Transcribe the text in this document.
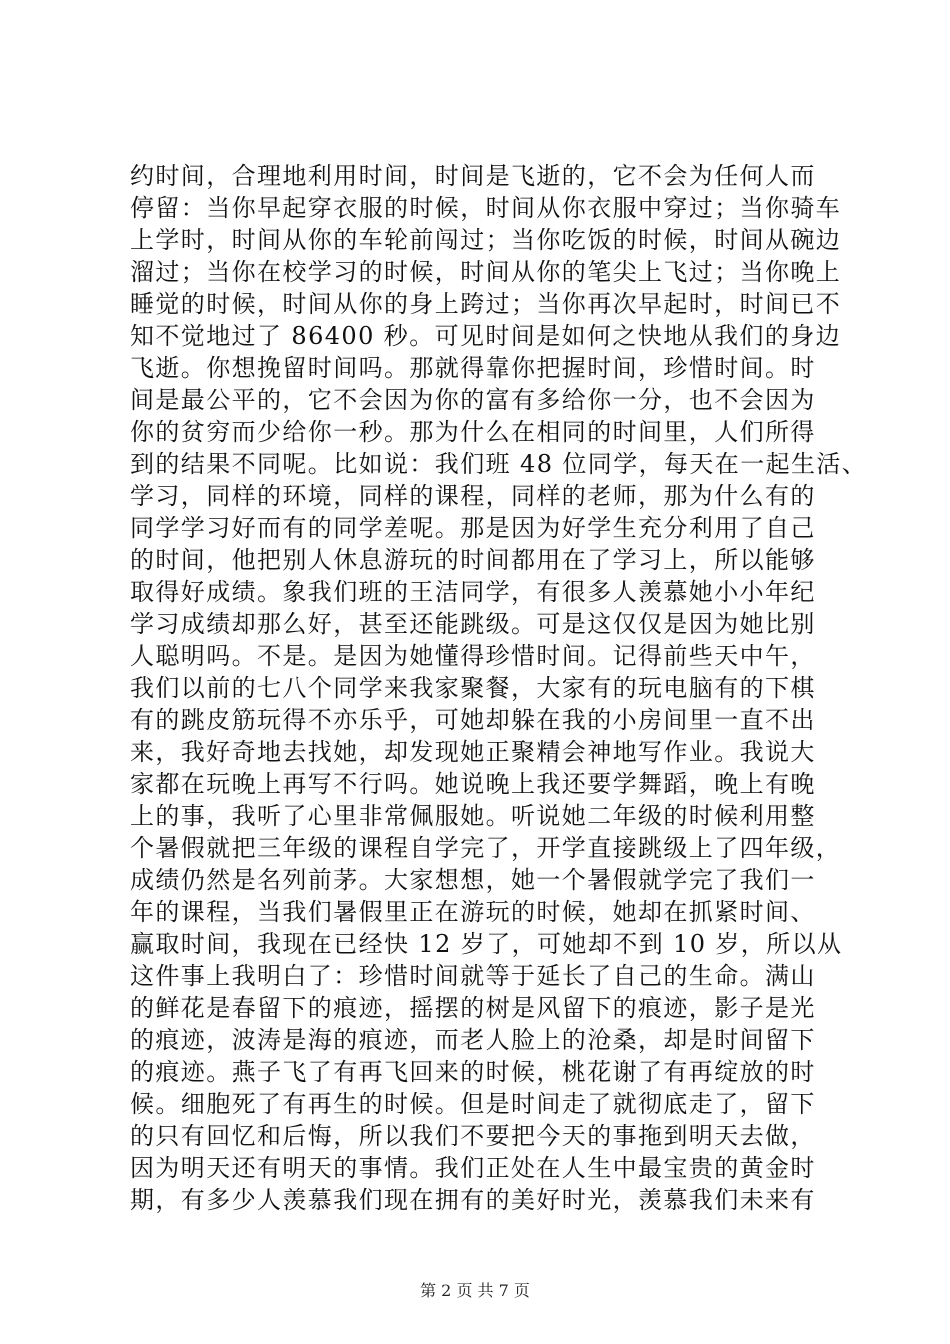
约时间，合理地利用时间，时间是飞逝的，它不会为任何人而
停留：当你早起穿衣服的时候，时间从你衣服中穿过；当你骑车
上学时，时间从你的车轮前闯过；当你吃饭的时候，时间从碗边
溜过；当你在校学习的时候，时间从你的笔尖上飞过；当你晚上
睡觉的时候，时间从你的身上跨过；当你再次早起时，时间已不
知不觉地过了 86400 秒。可见时间是如何之快地从我们的身边
飞逝。你想挽留时间吗。那就得靠你把握时间，珍惜时间。时
间是最公平的，它不会因为你的富有多给你一分，也不会因为
你的贫穷而少给你一秒。那为什么在相同的时间里，人们所得
到的结果不同呢。比如说：我们班 48 位同学，每天在一起生活、
学习，同样的环境，同样的课程，同样的老师，那为什么有的
同学学习好而有的同学差呢。那是因为好学生充分利用了自己
的时间，他把别人休息游玩的时间都用在了学习上，所以能够
取得好成绩。象我们班的王洁同学，有很多人羡慕她小小年纪
学习成绩却那么好，甚至还能跳级。可是这仅仅是因为她比别
人聪明吗。不是。是因为她懂得珍惜时间。记得前些天中午，
我们以前的七八个同学来我家聚餐，大家有的玩电脑有的下棋
有的跳皮筋玩得不亦乐乎，可她却躲在我的小房间里一直不出
来，我好奇地去找她，却发现她正聚精会神地写作业。我说大
家都在玩晚上再写不行吗。她说晚上我还要学舞蹈，晚上有晚
上的事，我听了心里非常佩服她。听说她二年级的时候利用整
个暑假就把三年级的课程自学完了，开学直接跳级上了四年级，
成绩仍然是名列前茅。大家想想，她一个暑假就学完了我们一
年的课程，当我们暑假里正在游玩的时候，她却在抓紧时间、
赢取时间，我现在已经快 12 岁了，可她却不到 10 岁，所以从
这件事上我明白了：珍惜时间就等于延长了自己的生命。满山
的鲜花是春留下的痕迹，摇摆的树是风留下的痕迹，影子是光
的痕迹，波涛是海的痕迹，而老人脸上的沧桑，却是时间留下
的痕迹。燕子飞了有再飞回来的时候，桃花谢了有再绽放的时
候。细胞死了有再生的时候。但是时间走了就彻底走了，留下
的只有回忆和后悔，所以我们不要把今天的事拖到明天去做，
因为明天还有明天的事情。我们正处在人生中最宝贵的黄金时
期，有多少人羡慕我们现在拥有的美好时光，羡慕我们未来有
第 2 页 共 7 页
